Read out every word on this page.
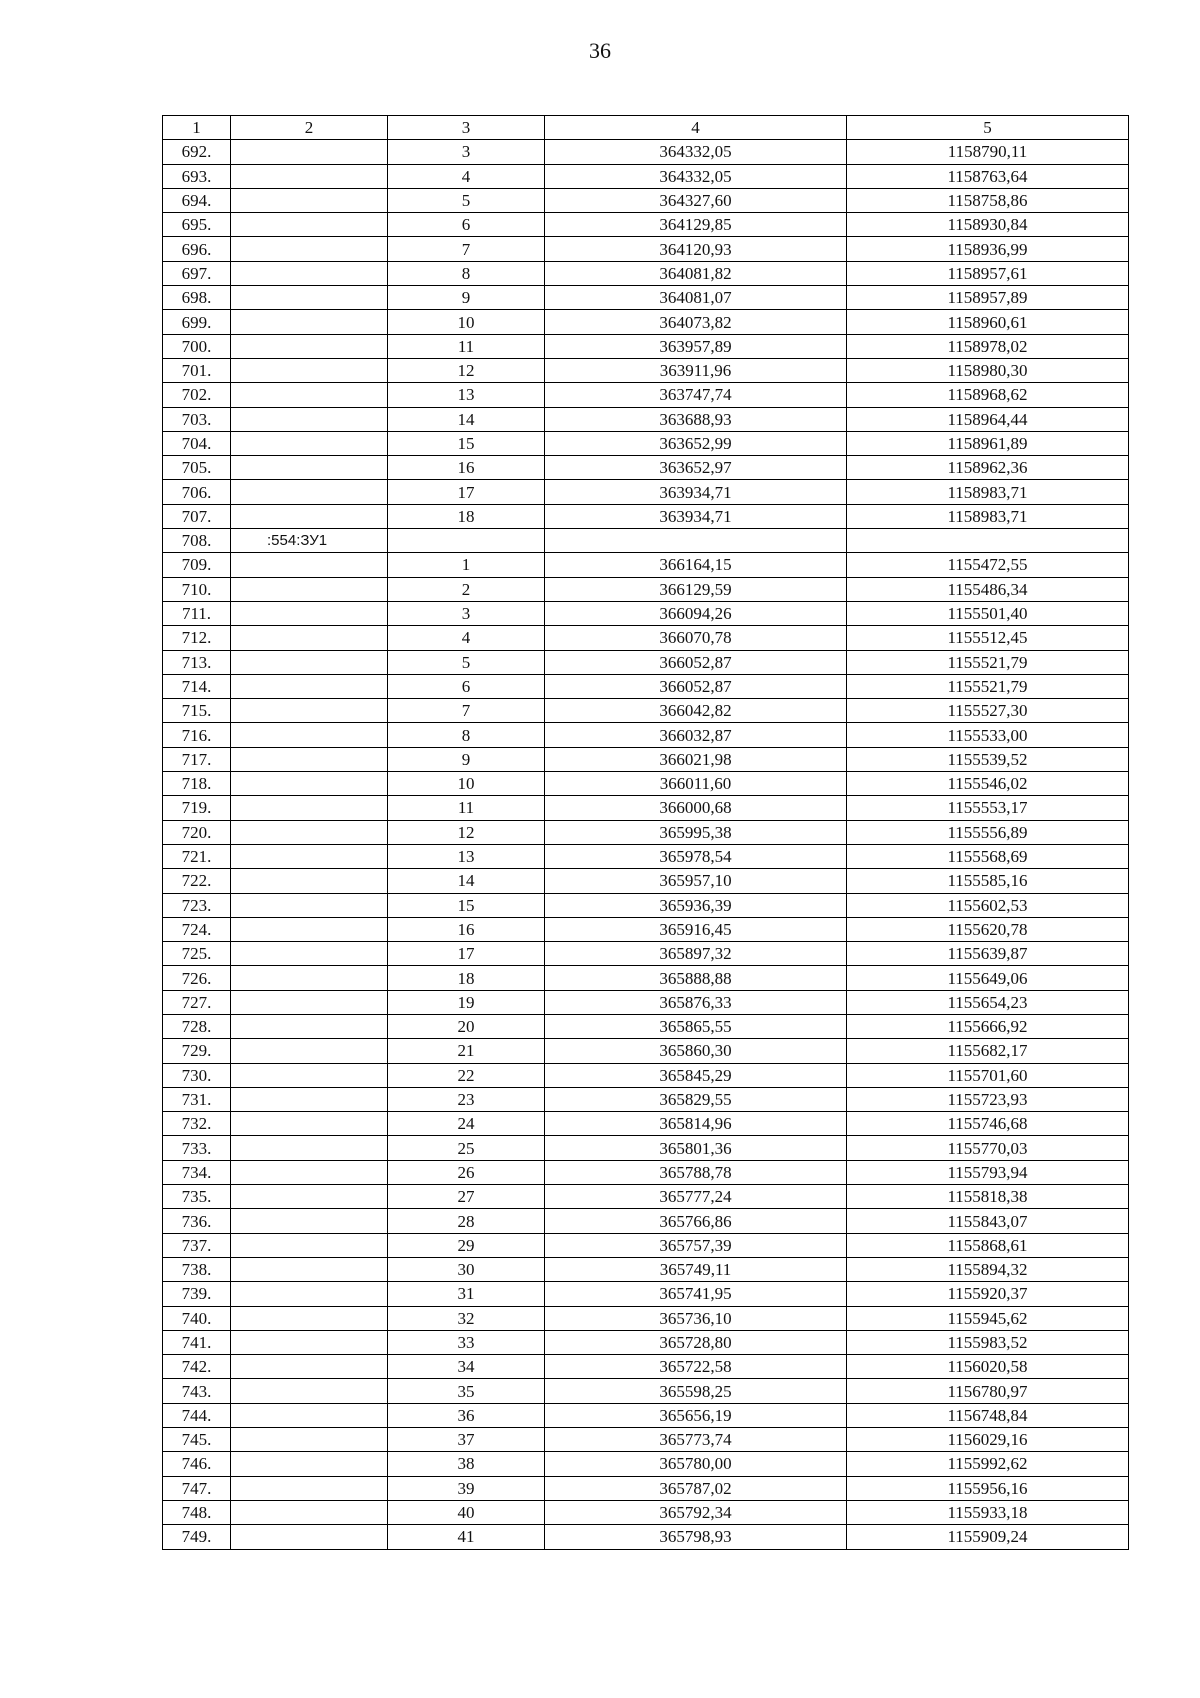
36
1	2	3	4	5
692.		3	364332,05	1158790,11
693.		4	364332,05	1158763,64
694.		5	364327,60	1158758,86
695.		6	364129,85	1158930,84
696.		7	364120,93	1158936,99
697.		8	364081,82	1158957,61
698.		9	364081,07	1158957,89
699.		10	364073,82	1158960,61
700.		11	363957,89	1158978,02
701.		12	363911,96	1158980,30
702.		13	363747,74	1158968,62
703.		14	363688,93	1158964,44
704.		15	363652,99	1158961,89
705.		16	363652,97	1158962,36
706.		17	363934,71	1158983,71
707.		18	363934,71	1158983,71
708.	:554:ЗУ1			
709.		1	366164,15	1155472,55
710.		2	366129,59	1155486,34
711.		3	366094,26	1155501,40
712.		4	366070,78	1155512,45
713.		5	366052,87	1155521,79
714.		6	366052,87	1155521,79
715.		7	366042,82	1155527,30
716.		8	366032,87	1155533,00
717.		9	366021,98	1155539,52
718.		10	366011,60	1155546,02
719.		11	366000,68	1155553,17
720.		12	365995,38	1155556,89
721.		13	365978,54	1155568,69
722.		14	365957,10	1155585,16
723.		15	365936,39	1155602,53
724.		16	365916,45	1155620,78
725.		17	365897,32	1155639,87
726.		18	365888,88	1155649,06
727.		19	365876,33	1155654,23
728.		20	365865,55	1155666,92
729.		21	365860,30	1155682,17
730.		22	365845,29	1155701,60
731.		23	365829,55	1155723,93
732.		24	365814,96	1155746,68
733.		25	365801,36	1155770,03
734.		26	365788,78	1155793,94
735.		27	365777,24	1155818,38
736.		28	365766,86	1155843,07
737.		29	365757,39	1155868,61
738.		30	365749,11	1155894,32
739.		31	365741,95	1155920,37
740.		32	365736,10	1155945,62
741.		33	365728,80	1155983,52
742.		34	365722,58	1156020,58
743.		35	365598,25	1156780,97
744.		36	365656,19	1156748,84
745.		37	365773,74	1156029,16
746.		38	365780,00	1155992,62
747.		39	365787,02	1155956,16
748.		40	365792,34	1155933,18
749.		41	365798,93	1155909,24
